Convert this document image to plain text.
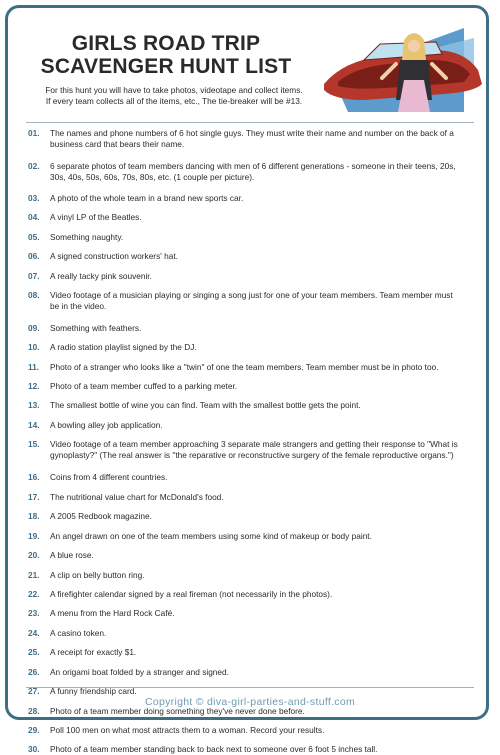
GIRLS ROAD TRIP
SCAVENGER HUNT LIST
For this hunt you will have to take photos, videotape and collect items.
If every team collects all of the items, etc., The tie-breaker will be #13.
01.	The names and phone numbers of 6 hot single guys. They must write their name and number on the back of a
business card that bears their name.
02.	6 separate photos of team members dancing with men of 6 different generations - someone in their teens, 20s,
30s, 40s, 50s, 60s, 70s, 80s, etc. (1 couple per picture).
03.	A photo of the whole team in a brand new sports car.
04.	A vinyl LP of the Beatles.
05.	Something naughty.
06.	A signed construction workers' hat.
07.	A really tacky pink souvenir.
08.	Video footage of a musician playing or singing a song just for one of your team members. Team member must
be in the video.
09.	Something with feathers.
10.	A radio station playlist signed by the DJ.
11.	Photo of a stranger who looks like a "twin" of one the team members. Team member must be in photo too.
12.	Photo of a team member cuffed to a parking meter.
13.	The smallest bottle of wine you can find. Team with the smallest bottle gets the point.
14.	A bowling alley job application.
15.	Video footage of a team member approaching 3 separate male strangers and getting their response to "What is
gynoplasty?" (The real answer is "the reparative or reconstructive surgery of the female reproductive organs.")
16.	Coins from 4 different countries.
17.	The nutritional value chart for McDonald's food.
18.	A 2005 Redbook magazine.
19.	An angel drawn on one of the team members using some kind of makeup or body paint.
20.	A blue rose.
21.	A clip on belly button ring.
22.	A firefighter calendar signed by a real fireman (not necessarily in the photos).
23.	A menu from the Hard Rock Café.
24.	A casino token.
25.	A receipt for exactly $1.
26.	An origami boat folded by a stranger and signed.
27.	A funny friendship card.
28.	Photo of a team member doing something they've never done before.
29.	Poll 100 men on what most attracts them to a woman. Record your results.
30.	Photo of a team member standing back to back next to someone over 6 foot 5 inches tall.
Copyright © diva-girl-parties-and-stuff.com
